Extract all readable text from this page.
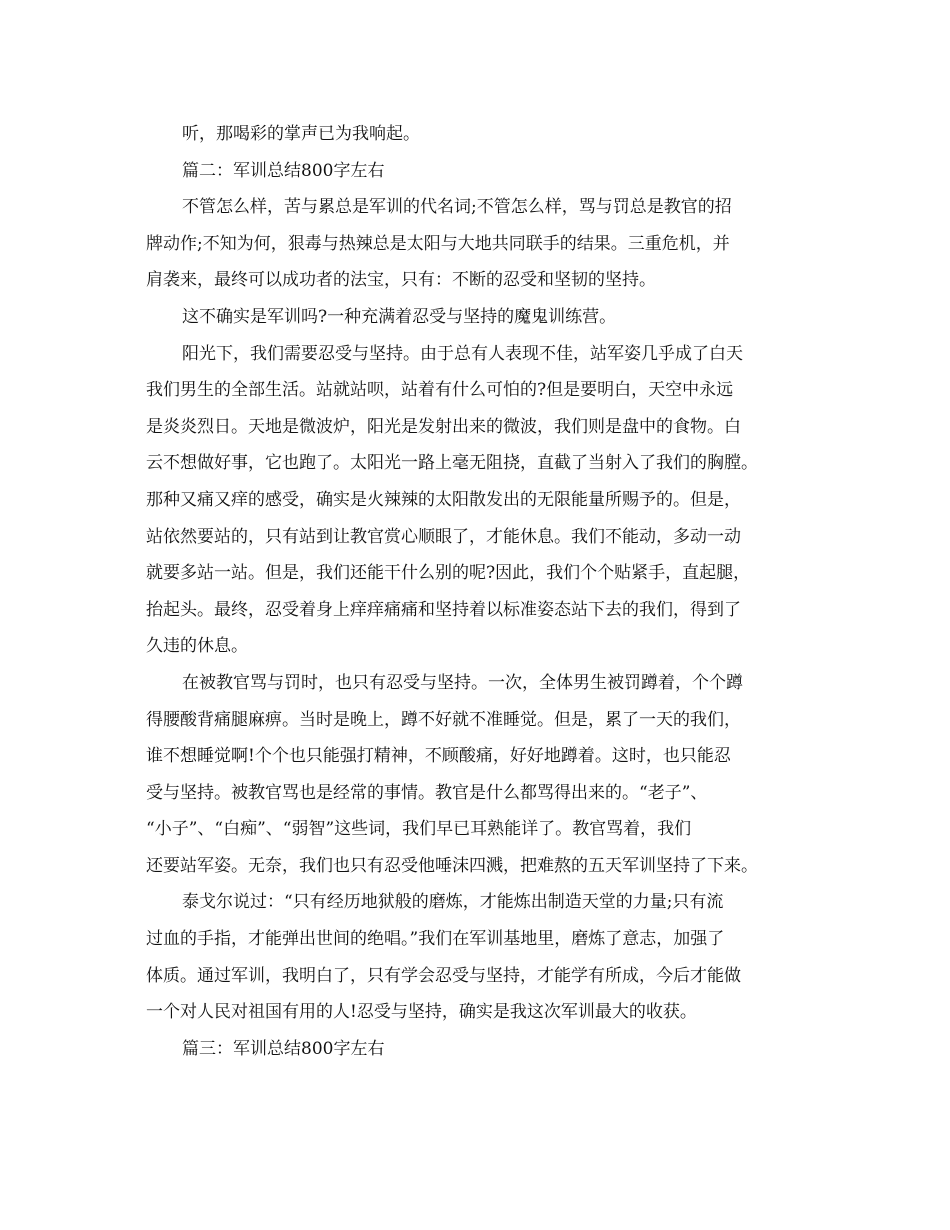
听，那喝彩的掌声已为我响起。
篇二：军训总结800字左右
不管怎么样，苦与累总是军训的代名词;不管怎么样，骂与罚总是教官的招
牌动作;不知为何，狠毒与热辣总是太阳与大地共同联手的结果。三重危机，并
肩袭来，最终可以成功者的法宝，只有：不断的忍受和坚韧的坚持。
这不确实是军训吗?一种充满着忍受与坚持的魔鬼训练营。
阳光下，我们需要忍受与坚持。由于总有人表现不佳，站军姿几乎成了白天
我们男生的全部生活。站就站呗，站着有什么可怕的?但是要明白，天空中永远
是炎炎烈日。天地是微波炉，阳光是发射出来的微波，我们则是盘中的食物。白
云不想做好事，它也跑了。太阳光一路上毫无阻挠，直截了当射入了我们的胸膛。
那种又痛又痒的感受，确实是火辣辣的太阳散发出的无限能量所赐予的。但是，
站依然要站的，只有站到让教官赏心顺眼了，才能休息。我们不能动，多动一动
就要多站一站。但是，我们还能干什么别的呢?因此，我们个个贴紧手，直起腿，
抬起头。最终，忍受着身上痒痒痛痛和坚持着以标准姿态站下去的我们，得到了
久违的休息。
在被教官骂与罚时，也只有忍受与坚持。一次，全体男生被罚蹲着，个个蹲
得腰酸背痛腿麻痹。当时是晚上，蹲不好就不准睡觉。但是，累了一天的我们，
谁不想睡觉啊!个个也只能强打精神，不顾酸痛，好好地蹲着。这时，也只能忍
受与坚持。被教官骂也是经常的事情。教官是什么都骂得出来的。“老子”、
“小子”、“白痴”、“弱智”这些词，我们早已耳熟能详了。教官骂着，我们
还要站军姿。无奈，我们也只有忍受他唾沫四溅，把难熬的五天军训坚持了下来。
泰戈尔说过：“只有经历地狱般的磨炼，才能炼出制造天堂的力量;只有流
过血的手指，才能弹出世间的绝唱。”我们在军训基地里，磨炼了意志，加强了
体质。通过军训，我明白了，只有学会忍受与坚持，才能学有所成，今后才能做
一个对人民对祖国有用的人!忍受与坚持，确实是我这次军训最大的收获。
篇三：军训总结800字左右
